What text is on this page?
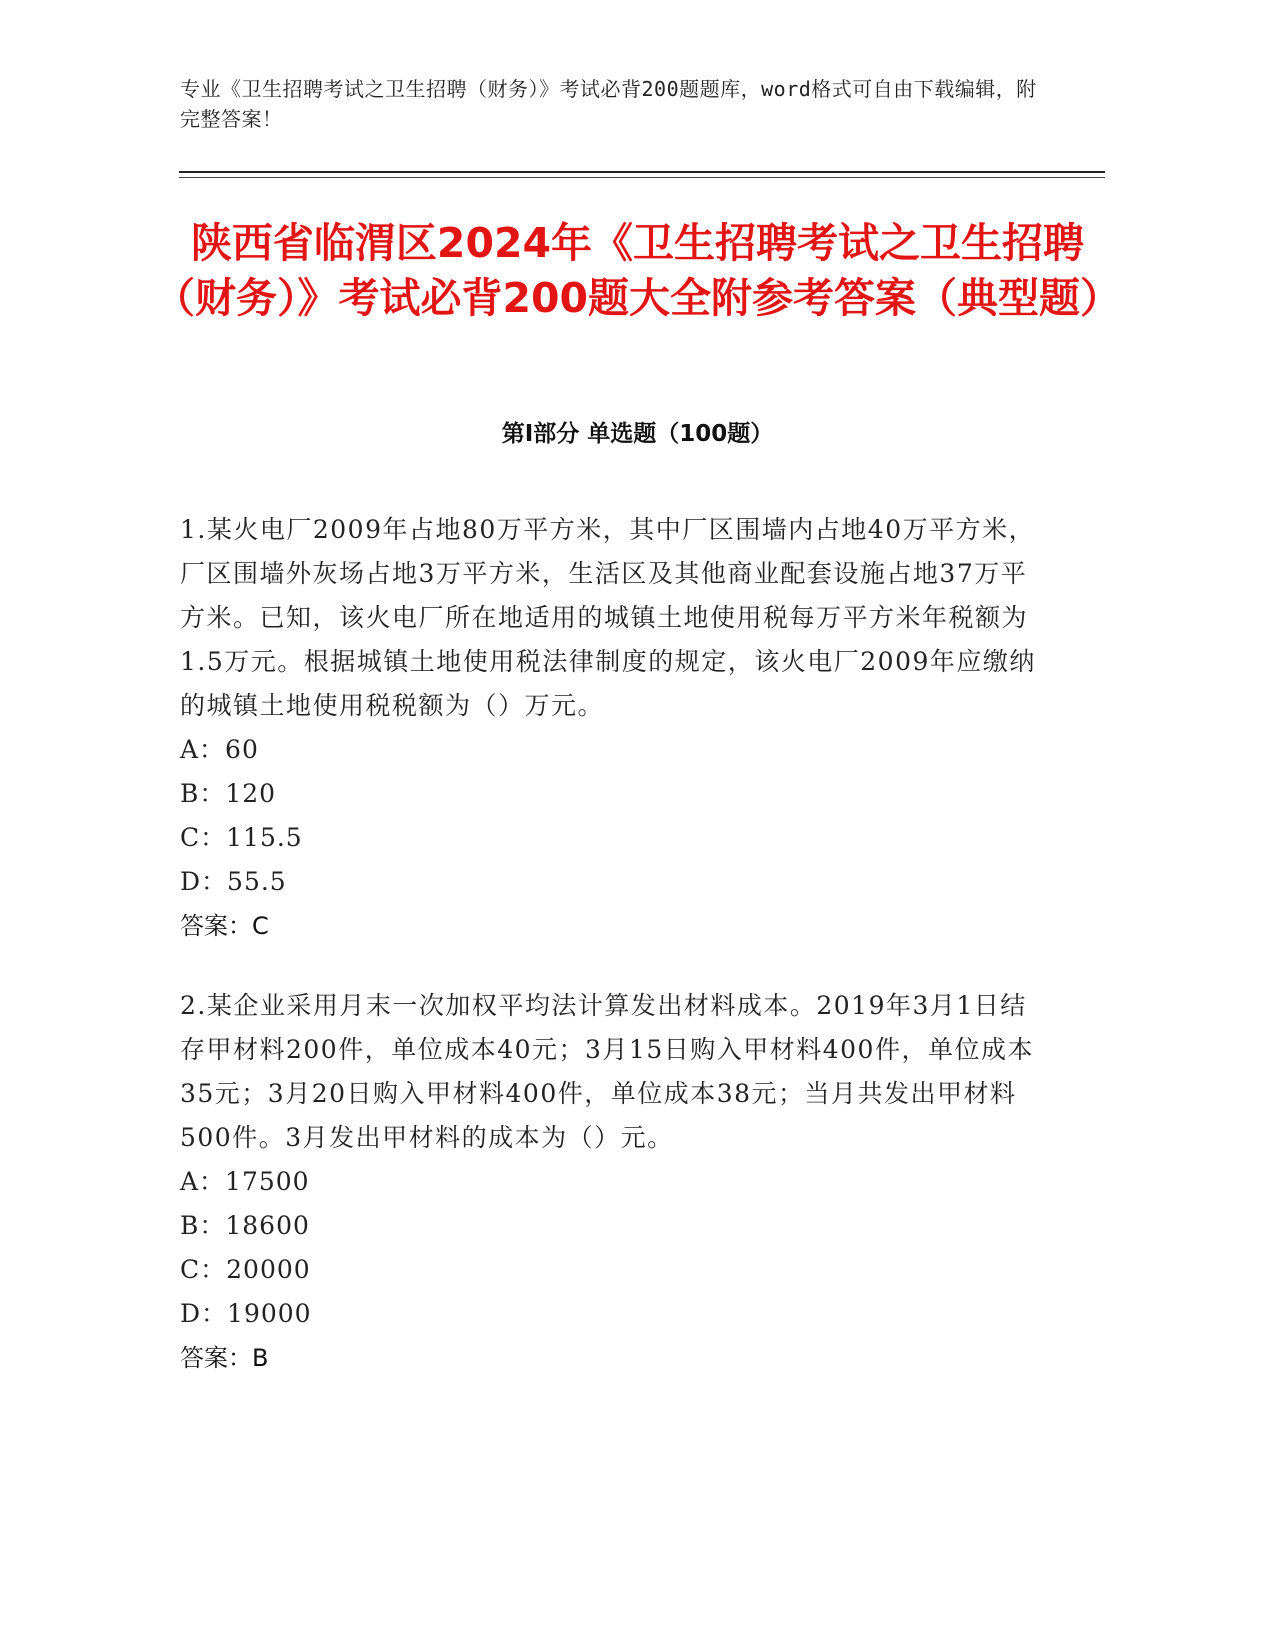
专业《卫生招聘考试之卫生招聘（财务）》考试必背200题题库，word格式可自由下载编辑，附完整答案！
陕西省临渭区2024年《卫生招聘考试之卫生招聘（财务）》考试必背200题大全附参考答案（典型题）
第Ⅰ部分 单选题（100题）

1.某火电厂2009年占地80万平方米，其中厂区围墙内占地40万平方米，厂区围墙外灰场占地3万平方米，生活区及其他商业配套设施占地37万平方米。已知，该火电厂所在地适用的城镇土地使用税每万平方米年税额为1.5万元。根据城镇土地使用税法律制度的规定，该火电厂2009年应缴纳的城镇土地使用税税额为（）万元。

A：60

B：120

C：115.5

D：55.5

答案：C

2.某企业采用月末一次加权平均法计算发出材料成本。2019年3月1日结存甲材料200件，单位成本40元；3月15日购入甲材料400件，单位成本35元；3月20日购入甲材料400件，单位成本38元；当月共发出甲材料500件。3月发出甲材料的成本为（）元。

A：17500

B：18600

C：20000

D：19000

答案：B
